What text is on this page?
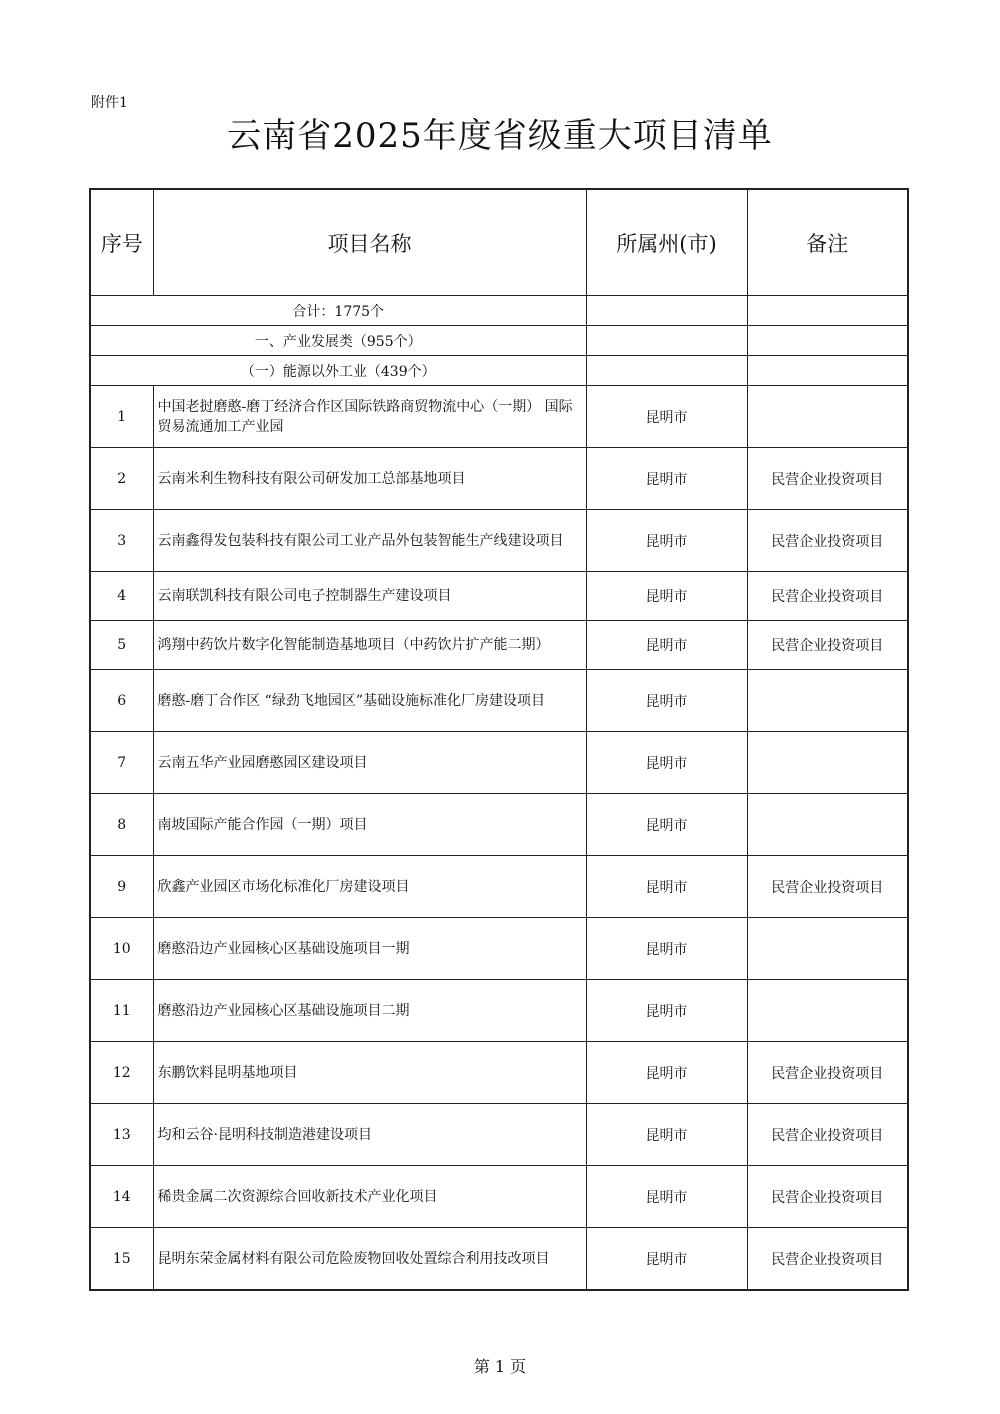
附件1
云南省2025年度省级重大项目清单
序号	项目名称	所属州(市)	备注
合计：1775个			
一、产业发展类（955个）			
（一）能源以外工业（439个）			
1	中国老挝磨憨-磨丁经济合作区国际铁路商贸物流中心（一期） 国际贸易流通加工产业园	昆明市	
2	云南米利生物科技有限公司研发加工总部基地项目	昆明市	民营企业投资项目
3	云南鑫得发包装科技有限公司工业产品外包装智能生产线建设项目	昆明市	民营企业投资项目
4	云南联凯科技有限公司电子控制器生产建设项目	昆明市	民营企业投资项目
5	鸿翔中药饮片数字化智能制造基地项目（中药饮片扩产能二期）	昆明市	民营企业投资项目
6	磨憨-磨丁合作区 “绿劲飞地园区”基础设施标准化厂房建设项目	昆明市	
7	云南五华产业园磨憨园区建设项目	昆明市	
8	南坡国际产能合作园（一期）项目	昆明市	
9	欣鑫产业园区市场化标准化厂房建设项目	昆明市	民营企业投资项目
10	磨憨沿边产业园核心区基础设施项目一期	昆明市	
11	磨憨沿边产业园核心区基础设施项目二期	昆明市	
12	东鹏饮料昆明基地项目	昆明市	民营企业投资项目
13	均和云谷·昆明科技制造港建设项目	昆明市	民营企业投资项目
14	稀贵金属二次资源综合回收新技术产业化项目	昆明市	民营企业投资项目
15	昆明东荣金属材料有限公司危险废物回收处置综合利用技改项目	昆明市	民营企业投资项目
第 1 页
